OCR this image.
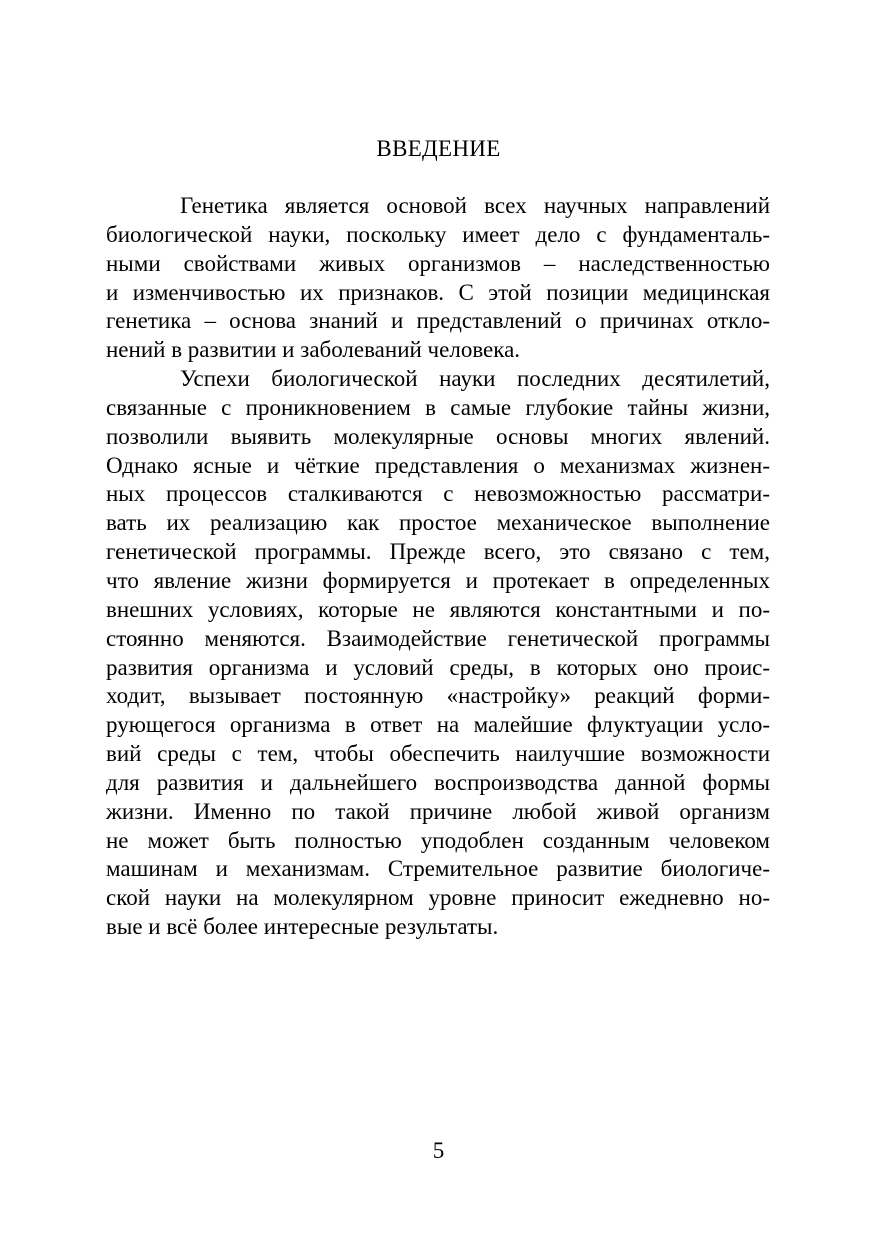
ВВЕДЕНИЕ
Генетика является основой всех научных направлений
биологической науки, поскольку имеет дело с фундаменталь-
ными свойствами живых организмов – наследственностью
и изменчивостью их признаков. С этой позиции медицинская
генетика – основа знаний и представлений о причинах откло-
нений в развитии и заболеваний человека.
Успехи биологической науки последних десятилетий,
связанные с проникновением в самые глубокие тайны жизни,
позволили выявить молекулярные основы многих явлений.
Однако ясные и чёткие представления о механизмах жизнен-
ных процессов сталкиваются с невозможностью рассматри-
вать их реализацию как простое механическое выполнение
генетической программы. Прежде всего, это связано с тем,
что явление жизни формируется и протекает в определенных
внешних условиях, которые не являются константными и по-
стоянно меняются. Взаимодействие генетической программы
развития организма и условий среды, в которых оно проис-
ходит, вызывает постоянную «настройку» реакций форми-
рующегося организма в ответ на малейшие флуктуации усло-
вий среды с тем, чтобы обеспечить наилучшие возможности
для развития и дальнейшего воспроизводства данной формы
жизни. Именно по такой причине любой живой организм
не может быть полностью уподоблен созданным человеком
машинам и механизмам. Стремительное развитие биологиче-
ской науки на молекулярном уровне приносит ежедневно но-
вые и всё более интересные результаты.
5
